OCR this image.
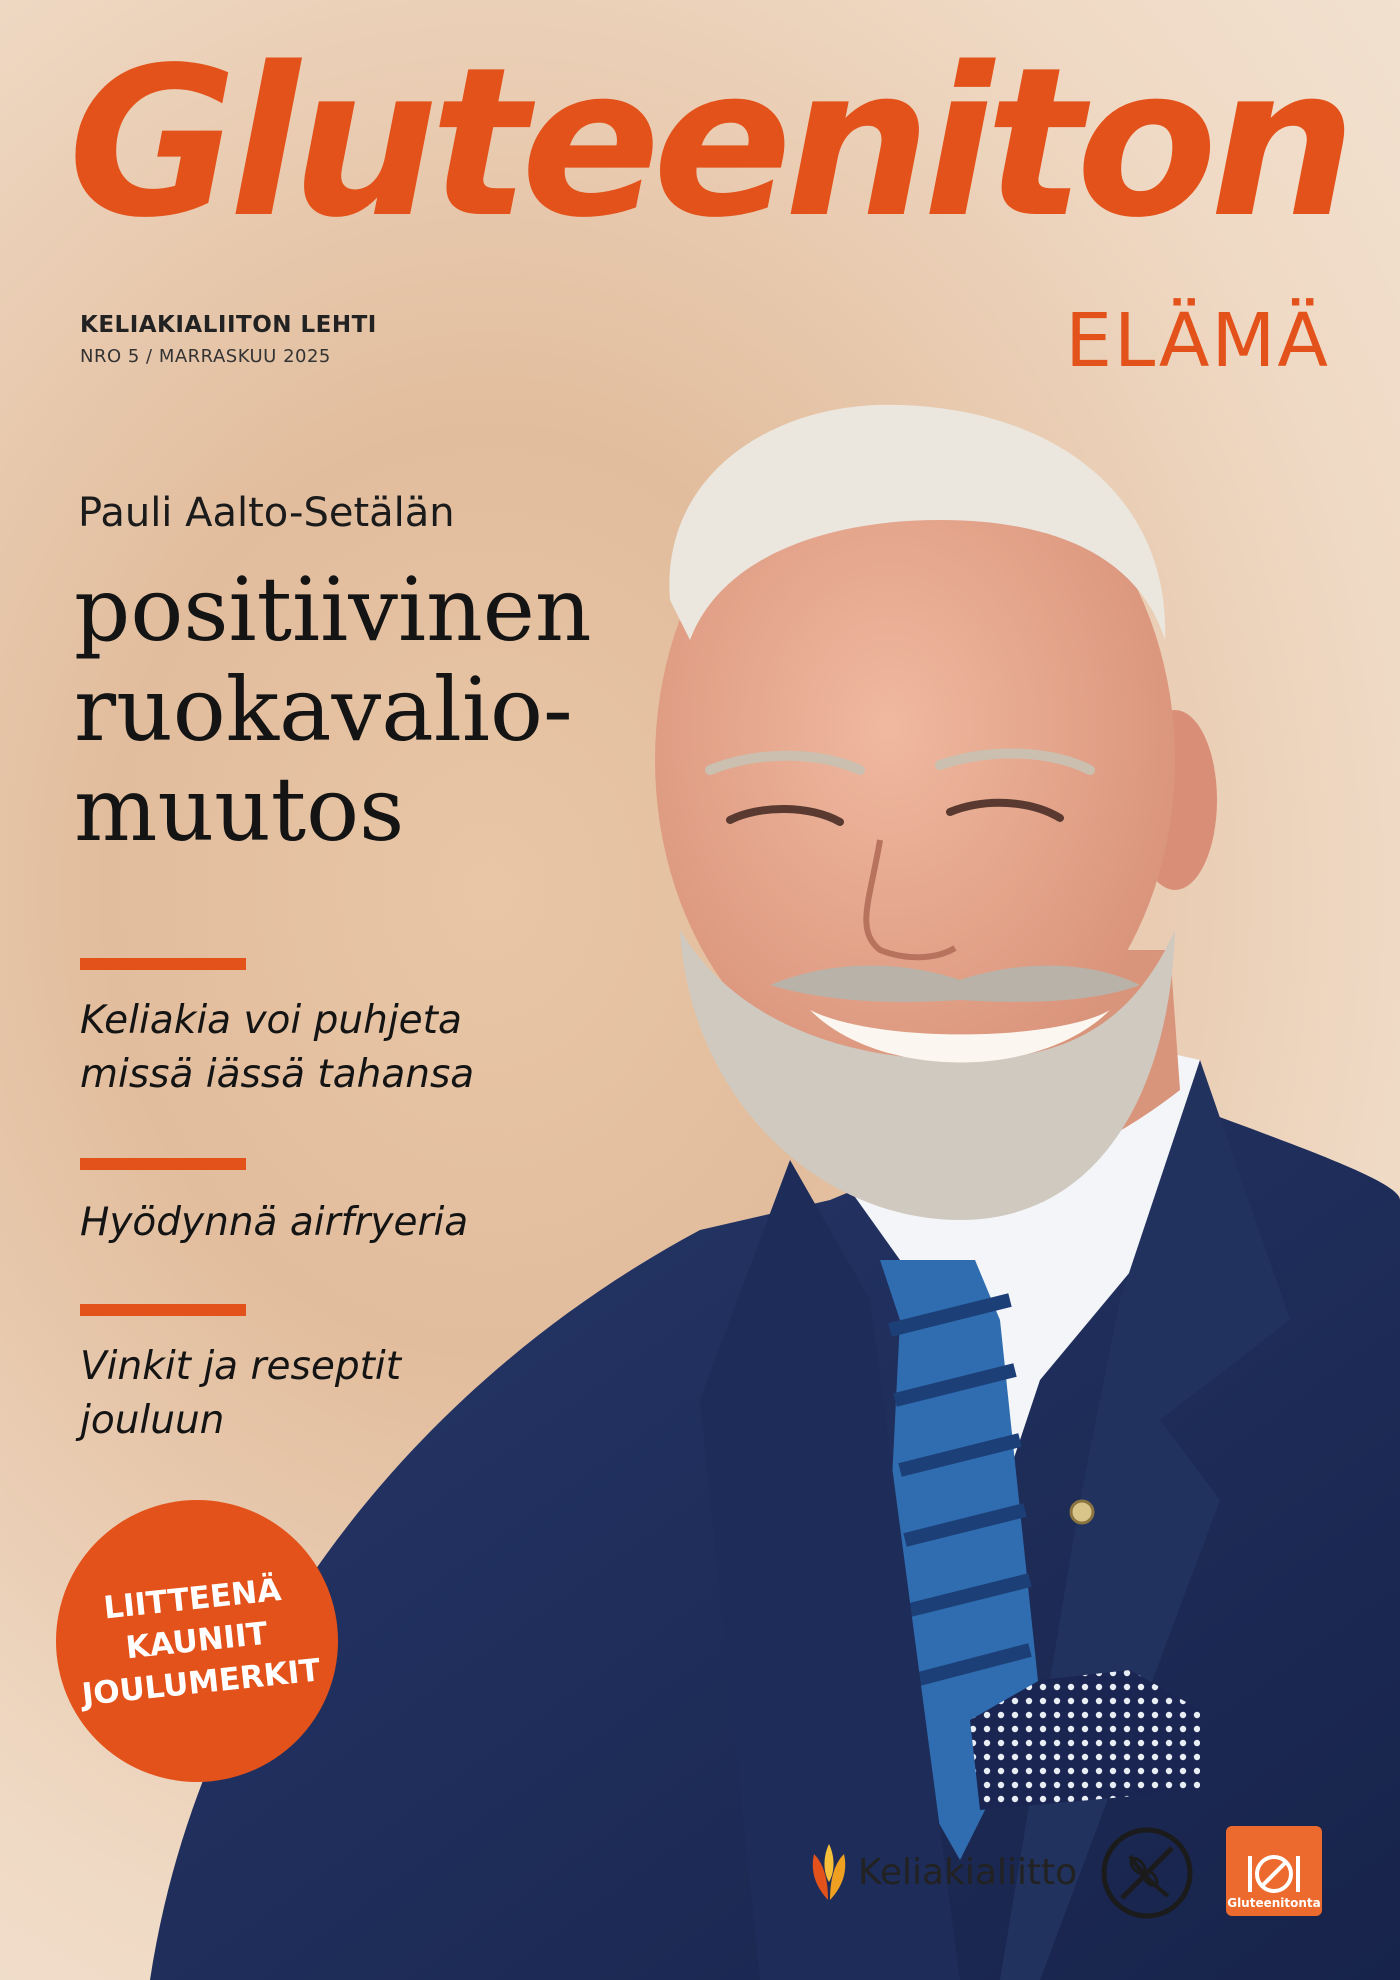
Gluteeniton
KELIAKIALIITON LEHTI
NRO 5 / MARRASKUU 2025	ELÄMÄ
Pauli Aalto-Setälän
positiivinen
ruokavalio-
muutos
Keliakia voi puhjeta
missä iässä tahansa
Hyödynnä airfryeria
Vinkit ja reseptit
jouluun
LIITTEENÄ
KAUNIIT
JOULUMERKIT
Keliakialiitto
Gluteenitonta
